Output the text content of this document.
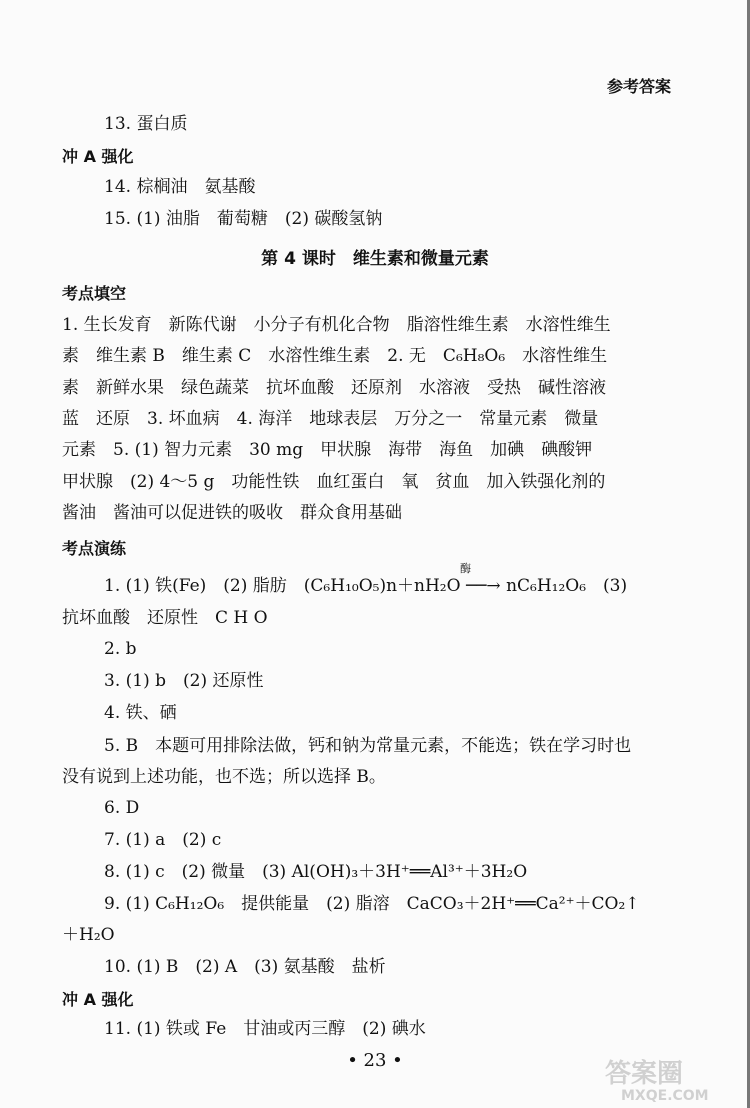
参考答案
13. 蛋白质
冲 A 强化
14. 棕榈油　氨基酸
15. (1) 油脂　葡萄糖　(2) 碳酸氢钠
第 4 课时　维生素和微量元素
考点填空
1. 生长发育　新陈代谢　小分子有机化合物　脂溶性维生素　水溶性维生
素　维生素 B　维生素 C　水溶性维生素　2. 无　C₆H₈O₆　水溶性维生
素　新鲜水果　绿色蔬菜　抗坏血酸　还原剂　水溶液　受热　碱性溶液
蓝　还原　3. 坏血病　4. 海洋　地球表层　万分之一　常量元素　微量
元素　5. (1) 智力元素　30 mg　甲状腺　海带　海鱼　加碘　碘酸钾
甲状腺　(2) 4～5 g　功能性铁　血红蛋白　氧　贫血　加入铁强化剂的
酱油　酱油可以促进铁的吸收　群众食用基础
考点演练
1. (1) 铁(Fe)　(2) 脂肪　(C₆H₁₀O₅)n＋nH₂O ──→ nC₆H₁₂O₆　(3)
酶
抗坏血酸　还原性　C H O
2. b
3. (1) b　(2) 还原性
4. 铁、硒
5. B　本题可用排除法做，钙和钠为常量元素，不能选；铁在学习时也
没有说到上述功能，也不选；所以选择 B。
6. D
7. (1) a　(2) c
8. (1) c　(2) 微量　(3) Al(OH)₃＋3H⁺══Al³⁺＋3H₂O
9. (1) C₆H₁₂O₆　提供能量　(2) 脂溶　CaCO₃＋2H⁺══Ca²⁺＋CO₂↑
＋H₂O
10. (1) B　(2) A　(3) 氨基酸　盐析
冲 A 强化
11. (1) 铁或 Fe　甘油或丙三醇　(2) 碘水
• 23 •	答案圈
MXQE.COM
